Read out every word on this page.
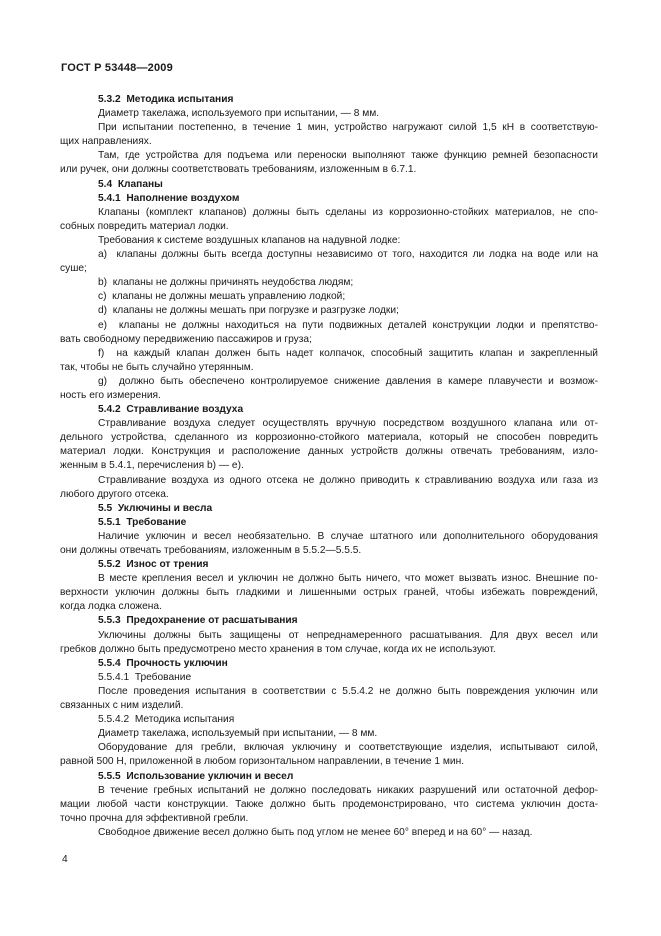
ГОСТ Р 53448—2009
5.3.2  Методика испытания
Диаметр такелажа, используемого при испытании, — 8 мм.
При испытании постепенно, в течение 1 мин, устройство нагружают силой 1,5 кН в соответствую-
щих направлениях.
Там, где устройства для подъема или переноски выполняют также функцию ремней безопасности
или ручек, они должны соответствовать требованиям, изложенным в 6.7.1.
5.4  Клапаны
5.4.1  Наполнение воздухом
Клапаны (комплект клапанов) должны быть сделаны из коррозионно-стойких материалов, не спо-
собных повредить материал лодки.
Требования к системе воздушных клапанов на надувной лодке:
a)  клапаны должны быть всегда доступны независимо от того, находится ли лодка на воде или на
суше;
b)  клапаны не должны причинять неудобства людям;
c)  клапаны не должны мешать управлению лодкой;
d)  клапаны не должны мешать при погрузке и разгрузке лодки;
e)  клапаны не должны находиться на пути подвижных деталей конструкции лодки и препятство-
вать свободному передвижению пассажиров и груза;
f)  на каждый клапан должен быть надет колпачок, способный защитить клапан и закрепленный
так, чтобы не быть случайно утерянным.
g)  должно быть обеспечено контролируемое снижение давления в камере плавучести и возмож-
ность его измерения.
5.4.2  Стравливание воздуха
Стравливание воздуха следует осуществлять вручную посредством воздушного клапана или от-
дельного устройства, сделанного из коррозионно-стойкого материала, который не способен повредить
материал лодки. Конструкция и расположение данных устройств должны отвечать требованиям, изло-
женным в 5.4.1, перечисления b) — e).
Стравливание воздуха из одного отсека не должно приводить к стравливанию воздуха или газа из
любого другого отсека.
5.5  Уключины и весла
5.5.1  Требование
Наличие уключин и весел необязательно. В случае штатного или дополнительного оборудования
они должны отвечать требованиям, изложенным в 5.5.2—5.5.5.
5.5.2  Износ от трения
В месте крепления весел и уключин не должно быть ничего, что может вызвать износ. Внешние по-
верхности уключин должны быть гладкими и лишенными острых граней, чтобы избежать повреждений,
когда лодка сложена.
5.5.3  Предохранение от расшатывания
Уключины должны быть защищены от непреднамеренного расшатывания. Для двух весел или
гребков должно быть предусмотрено место хранения в том случае, когда их не используют.
5.5.4  Прочность уключин
5.5.4.1  Требование
После проведения испытания в соответствии с 5.5.4.2 не должно быть повреждения уключин или
связанных с ним изделий.
5.5.4.2  Методика испытания
Диаметр такелажа, используемый при испытании, — 8 мм.
Оборудование для гребли, включая уключину и соответствующие изделия, испытывают силой,
равной 500 Н, приложенной в любом горизонтальном направлении, в течение 1 мин.
5.5.5  Использование уключин и весел
В течение гребных испытаний не должно последовать никаких разрушений или остаточной дефор-
мации любой части конструкции. Также должно быть продемонстрировано, что система уключин доста-
точно прочна для эффективной гребли.
Свободное движение весел должно быть под углом не менее 60° вперед и на 60° — назад.
4
